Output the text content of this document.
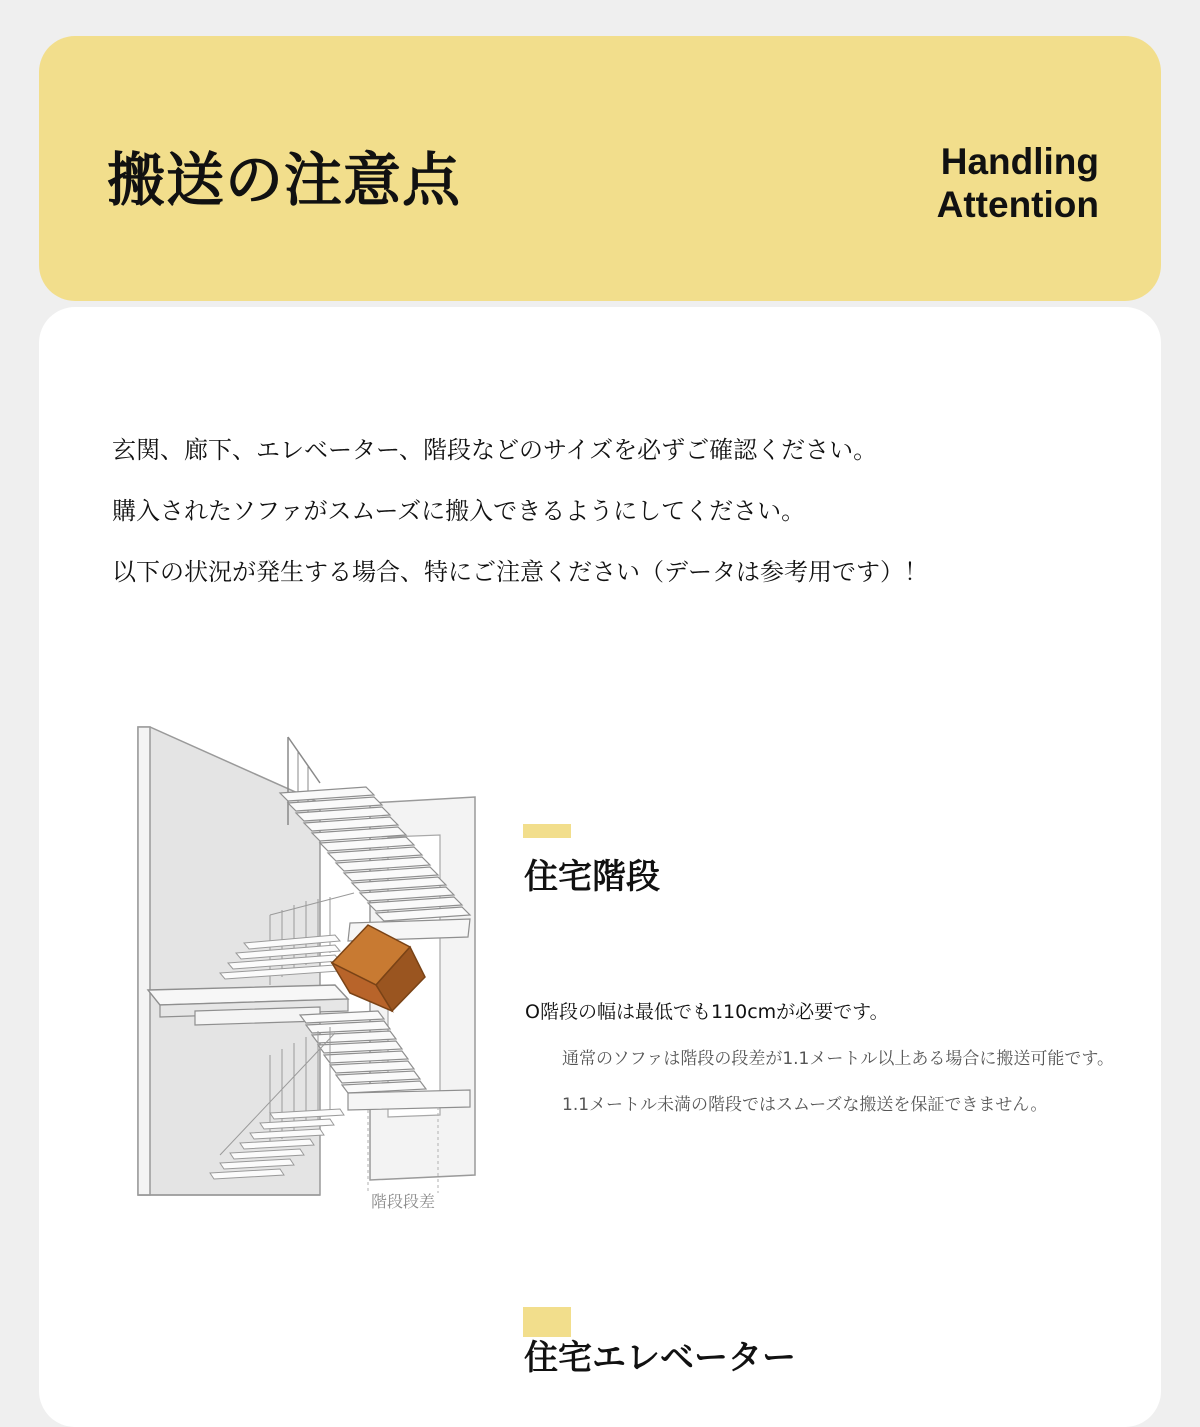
搬送の注意点	Handling
Attention
玄関、廊下、エレベーター、階段などのサイズを必ずご確認ください。
購入されたソファがスムーズに搬入できるようにしてください。
以下の状況が発生する場合、特にご注意ください（データは参考用です）！
階段段差
住宅階段
O階段の幅は最低でも110cmが必要です。
通常のソファは階段の段差が1.1メートル以上ある場合に搬送可能です。
1.1メートル未満の階段ではスムーズな搬送を保証できません。
住宅エレベーター
